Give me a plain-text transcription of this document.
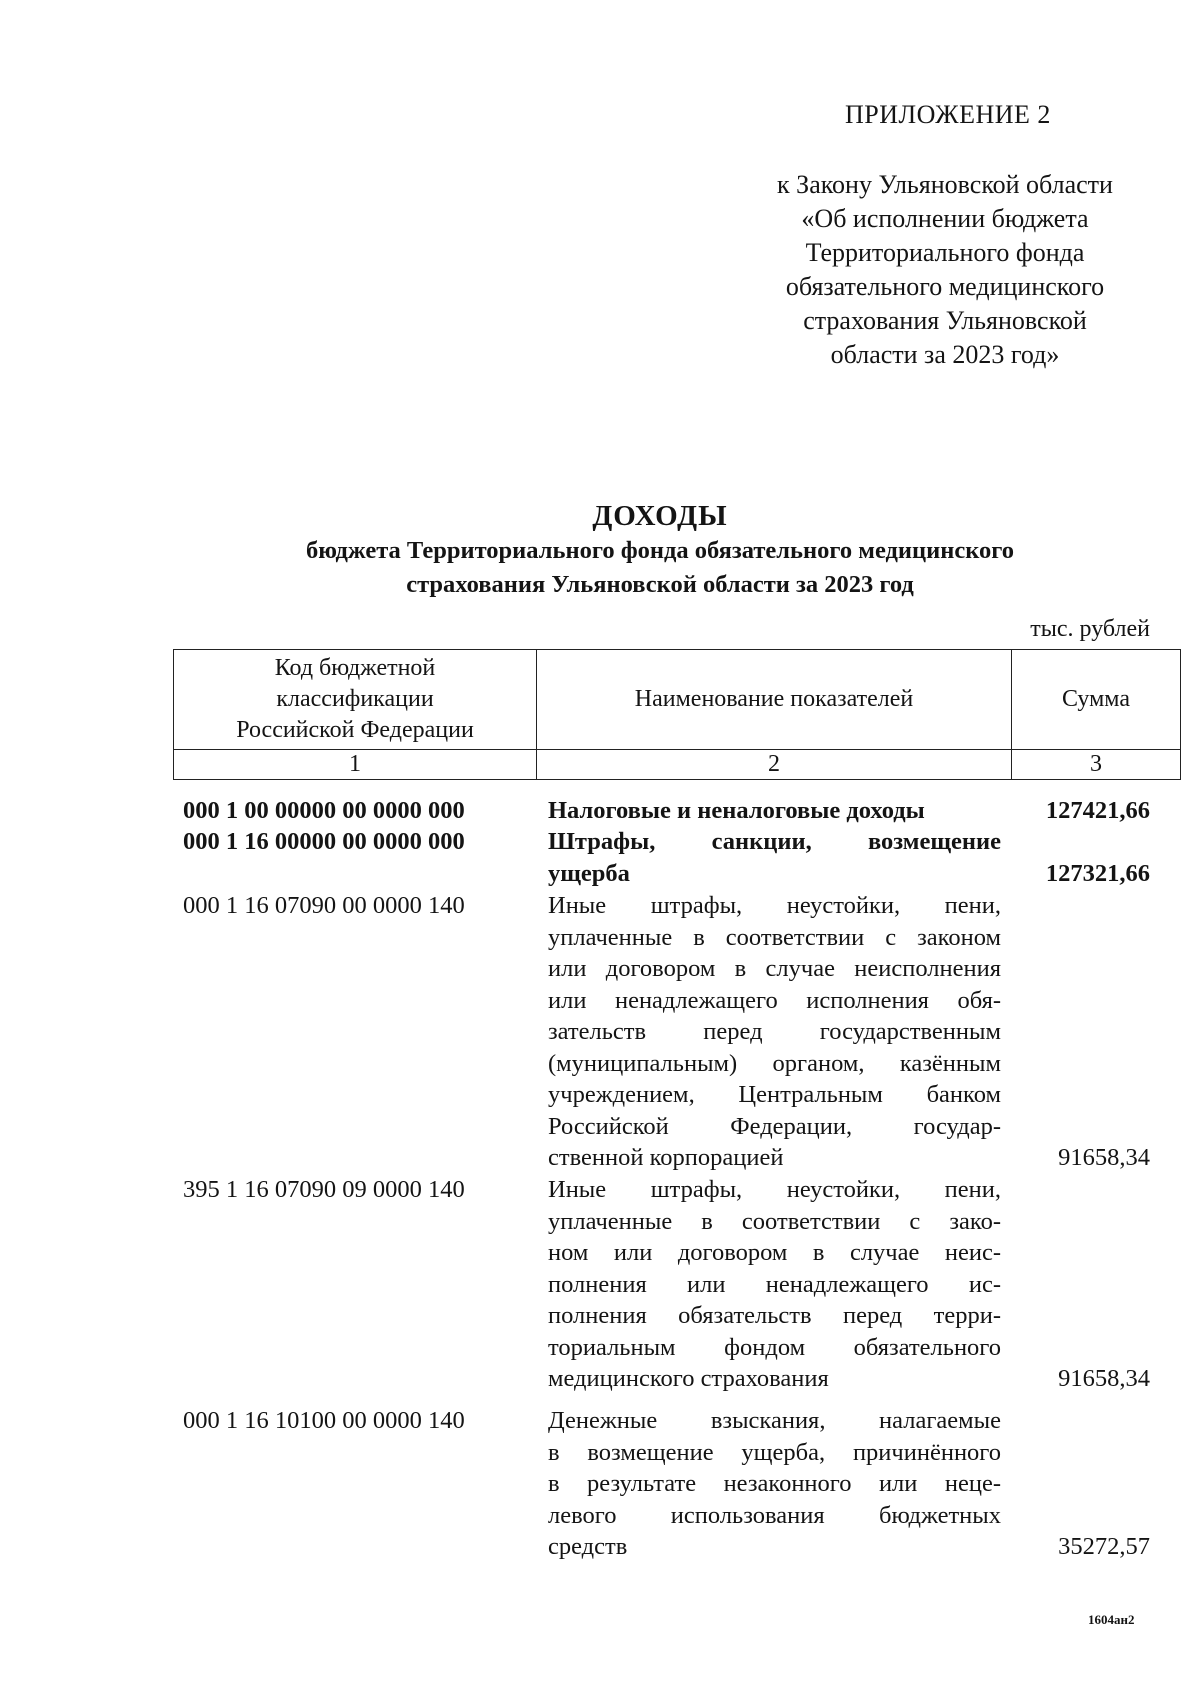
ПРИЛОЖЕНИЕ 2
к Закону Ульяновской области
«Об исполнении бюджета
Территориального фонда
обязательного медицинского
страхования Ульяновской
области за 2023 год»
ДОХОДЫ
бюджета Территориального фонда обязательного медицинского
страхования Ульяновской области за 2023 год
тыс. рублей
Код бюджетной
классификации
Российской Федерации	Наименование показателей	Сумма
1	2	3
000 1 00 00000 00 0000 000	Налоговые и неналоговые доходы	127421,66
000 1 16 00000 00 0000 000	Штрафы, санкции, возмещение
ущерба	127321,66
000 1 16 07090 00 0000 140	Иные штрафы, неустойки, пени,
уплаченные в соответствии с законом
или договором в случае неисполнения
или ненадлежащего исполнения обя-
зательств перед государственным
(муниципальным) органом, казённым
учреждением, Центральным банком
Российской Федерации, государ-
ственной корпорацией	91658,34
395 1 16 07090 09 0000 140	Иные штрафы, неустойки, пени,
уплаченные в соответствии с зако-
ном или договором в случае неис-
полнения или ненадлежащего ис-
полнения обязательств перед терри-
ториальным фондом обязательного
медицинского страхования	91658,34
000 1 16 10100 00 0000 140	Денежные взыскания, налагаемые
в возмещение ущерба, причинённого
в результате незаконного или неце-
левого использования бюджетных
средств	35272,57
1604ан2
